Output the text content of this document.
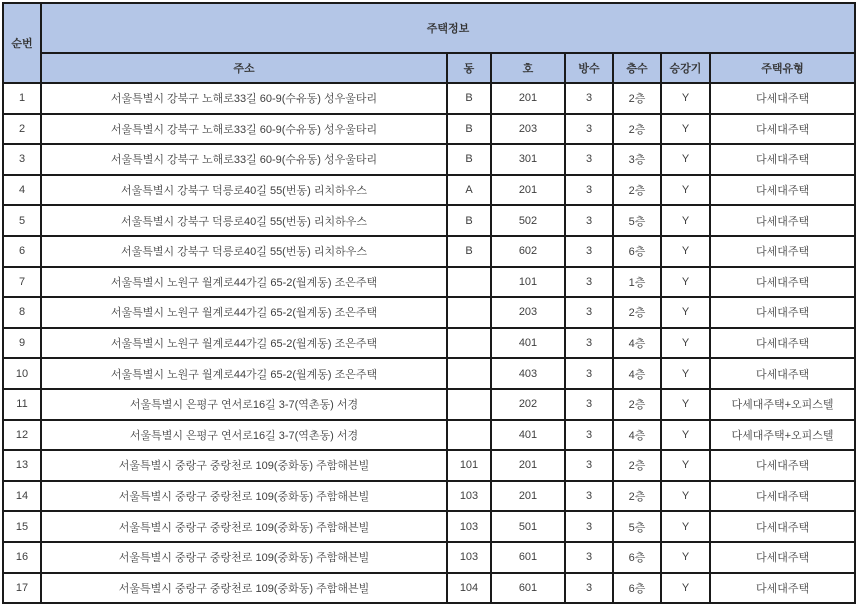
순번	주택정보						
	주소	동	호	방수	층수	승강기	주택유형
1	서울특별시 강북구 노해로33길 60-9(수유동) 성우울타리	B	201	3	2층	Y	다세대주택
2	서울특별시 강북구 노해로33길 60-9(수유동) 성우울타리	B	203	3	2층	Y	다세대주택
3	서울특별시 강북구 노해로33길 60-9(수유동) 성우울타리	B	301	3	3층	Y	다세대주택
4	서울특별시 강북구 덕릉로40길 55(번동) 리치하우스	A	201	3	2층	Y	다세대주택
5	서울특별시 강북구 덕릉로40길 55(번동) 리치하우스	B	502	3	5층	Y	다세대주택
6	서울특별시 강북구 덕릉로40길 55(번동) 리치하우스	B	602	3	6층	Y	다세대주택
7	서울특별시 노원구 월계로44가길 65-2(월계동) 조은주택		101	3	1층	Y	다세대주택
8	서울특별시 노원구 월계로44가길 65-2(월계동) 조은주택		203	3	2층	Y	다세대주택
9	서울특별시 노원구 월계로44가길 65-2(월계동) 조은주택		401	3	4층	Y	다세대주택
10	서울특별시 노원구 월계로44가길 65-2(월계동) 조은주택		403	3	4층	Y	다세대주택
11	서울특별시 은평구 연서로16길 3-7(역촌동) 서경		202	3	2층	Y	다세대주택+오피스텔
12	서울특별시 은평구 연서로16길 3-7(역촌동) 서경		401	3	4층	Y	다세대주택+오피스텔
13	서울특별시 중랑구 중랑천로 109(중화동) 주함해븐빌	101	201	3	2층	Y	다세대주택
14	서울특별시 중랑구 중랑천로 109(중화동) 주함해븐빌	103	201	3	2층	Y	다세대주택
15	서울특별시 중랑구 중랑천로 109(중화동) 주함해븐빌	103	501	3	5층	Y	다세대주택
16	서울특별시 중랑구 중랑천로 109(중화동) 주함해븐빌	103	601	3	6층	Y	다세대주택
17	서울특별시 중랑구 중랑천로 109(중화동) 주함해븐빌	104	601	3	6층	Y	다세대주택
